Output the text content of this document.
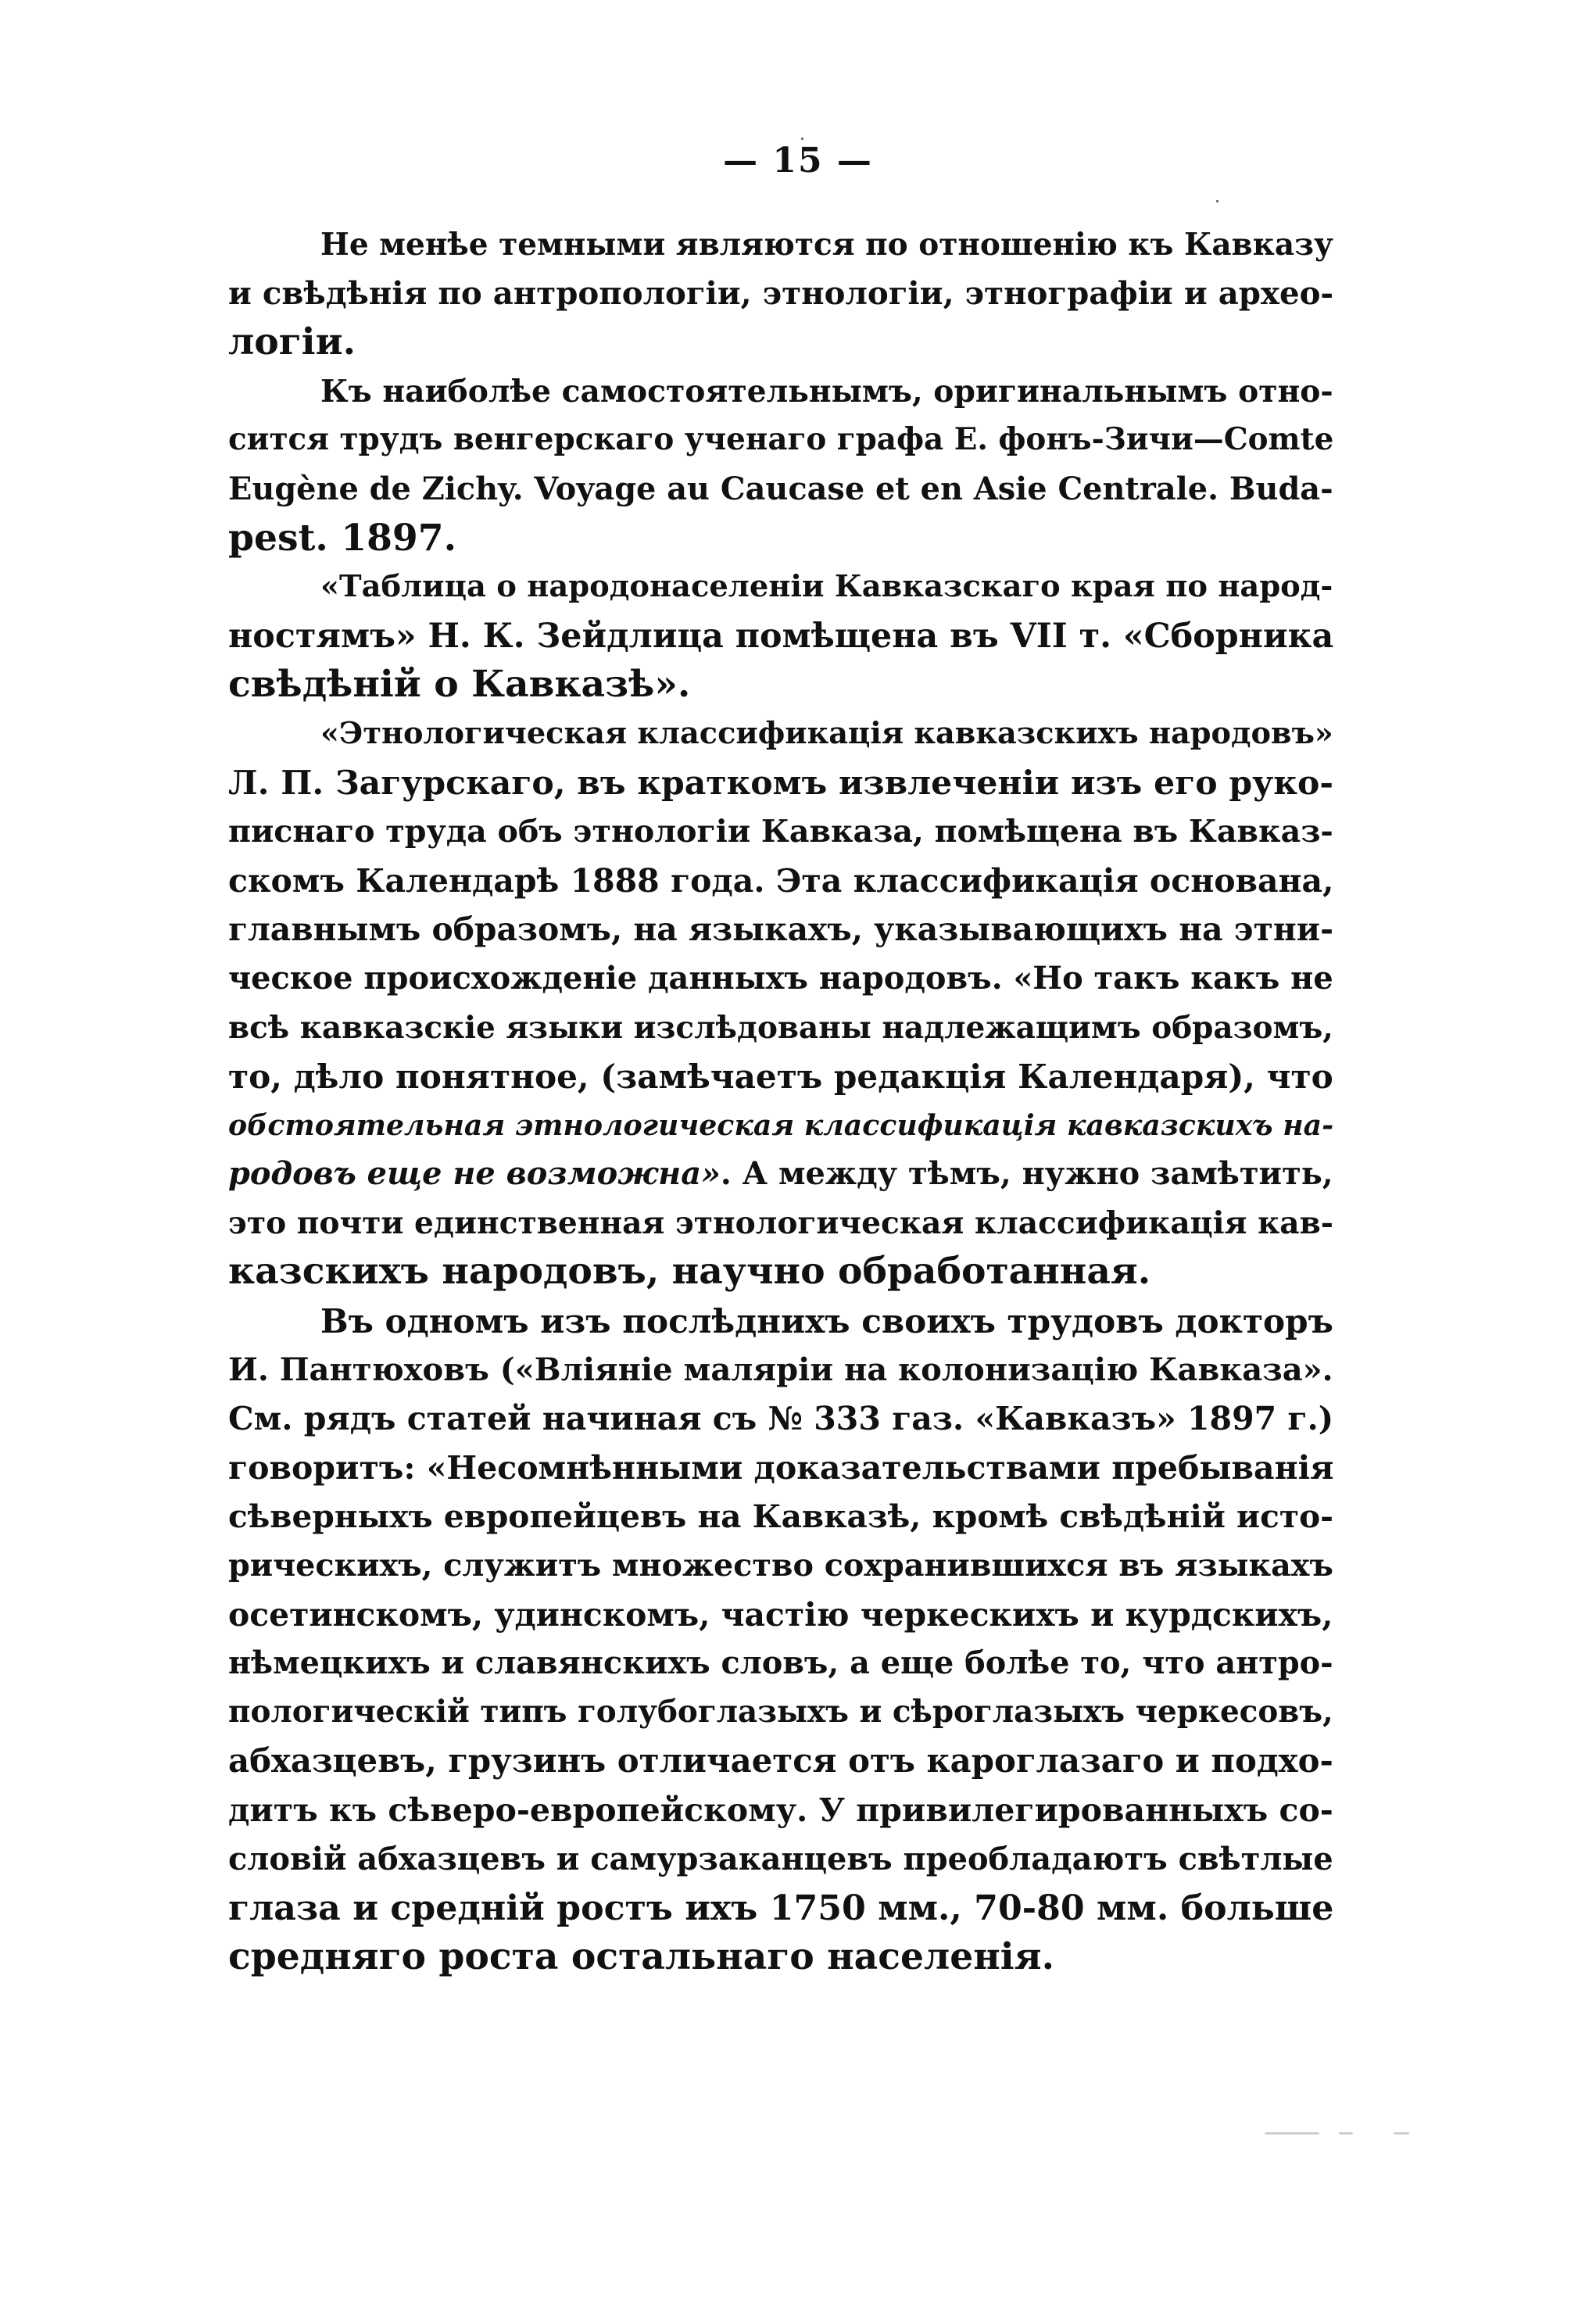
— 15 —

Не менѣе темными являются по отношенію къ Кавказу
и свѣдѣнія по антропологіи, этнологіи, этнографіи и архео-
логіи.

Къ наиболѣе самостоятельнымъ, оригинальнымъ отно-
сится трудъ венгерскаго ученаго графа Е. фонъ-Зичи—Comte
Eugène de Zichy. Voyage au Caucase et en Asie Centrale. Buda-
pest. 1897.

«Таблица о народонаселеніи Кавказскаго края по народ-
ностямъ» Н. К. Зейдлица помѣщена въ VII т. «Сборника
свѣдѣній о Кавказѣ».

«Этнологическая классификація кавказскихъ народовъ»
Л. П. Загурскаго, въ краткомъ извлеченіи изъ его руко-
писнаго труда объ этнологіи Кавказа, помѣщена въ Кавказ-
скомъ Календарѣ 1888 года. Эта классификація основана,
главнымъ образомъ, на языкахъ, указывающихъ на этни-
ческое происхожденіе данныхъ народовъ. «Но такъ какъ не
всѣ кавказскіе языки изслѣдованы надлежащимъ образомъ,
то, дѣло понятное, (замѣчаетъ редакція Календаря), что
обстоятельная этнологическая классификація кавказскихъ на-
родовъ еще не возможна». А между тѣмъ, нужно замѣтить,
это почти единственная этнологическая классификація кав-
казскихъ народовъ, научно обработанная.

Въ одномъ изъ послѣднихъ своихъ трудовъ докторъ
И. Пантюховъ («Вліяніе маляріи на колонизацію Кавказа».
См. рядъ статей начиная съ № 333 газ. «Кавказъ» 1897 г.)
говоритъ: «Несомнѣнными доказательствами пребыванія
сѣверныхъ европейцевъ на Кавказѣ, кромѣ свѣдѣній исто-
рическихъ, служитъ множество сохранившихся въ языкахъ
осетинскомъ, удинскомъ, частію черкескихъ и курдскихъ,
нѣмецкихъ и славянскихъ словъ, а еще болѣе то, что антро-
пологическій типъ голубоглазыхъ и сѣроглазыхъ черкесовъ,
абхазцевъ, грузинъ отличается отъ кароглазаго и подхо-
дитъ къ сѣверо-европейскому. У привилегированныхъ со-
словій абхазцевъ и самурзаканцевъ преобладаютъ свѣтлые
глаза и средній ростъ ихъ 1750 мм., 70-80 мм. больше
средняго роста остальнаго населенія.
